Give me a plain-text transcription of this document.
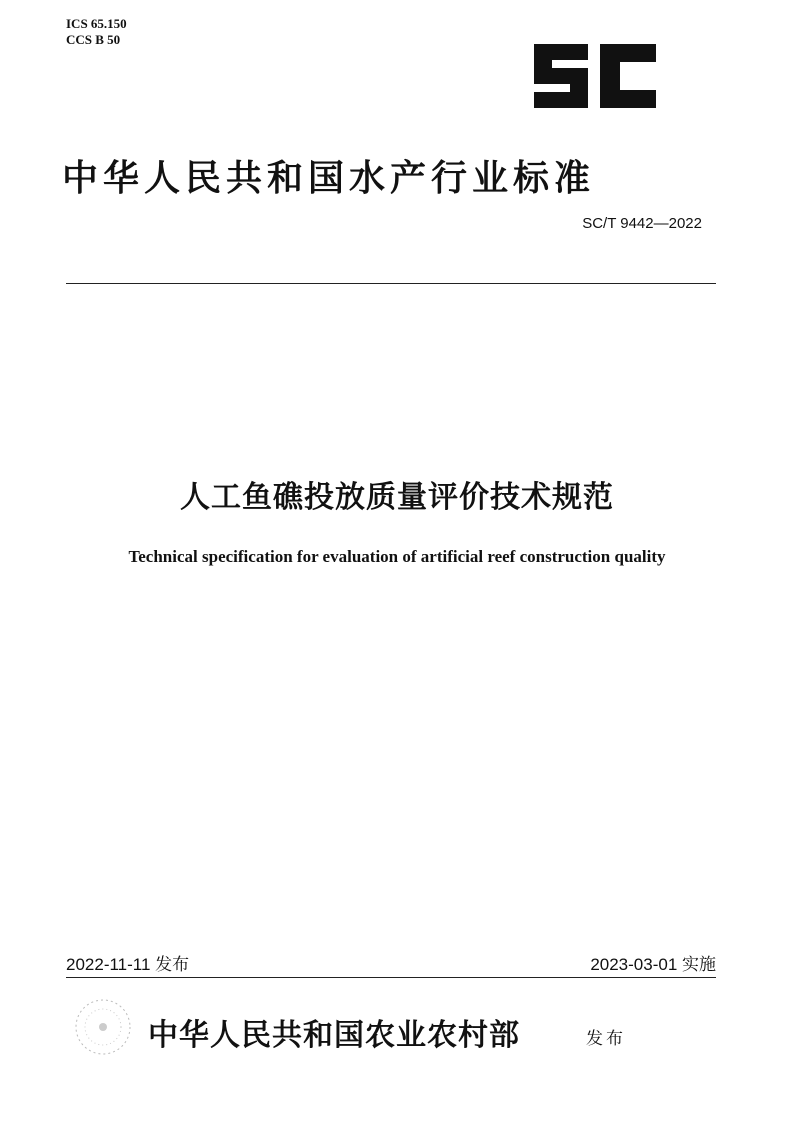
ICS 65.150
CCS B 50
中华人民共和国水产行业标准
SC/T 9442—2022
人工鱼礁投放质量评价技术规范
Technical specification for evaluation of artificial reef construction quality
2022-11-11 发布	2023-03-01 实施
中华人民共和国农业农村部	发布
